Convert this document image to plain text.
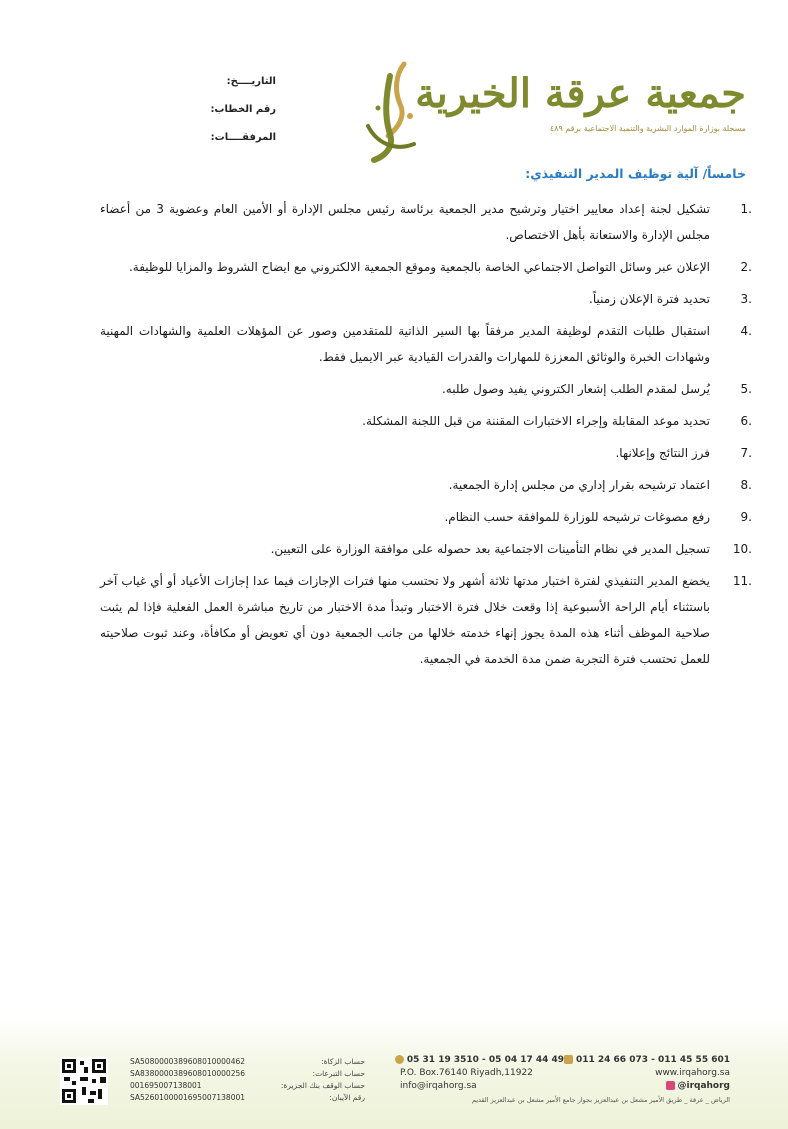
جمعية عرقة الخيرية
مسجلة بوزارة الموارد البشرية والتنمية الاجتماعية برقم ٤٨٩
التاريــــخ:
رقم الخطاب:
المرفقــــات:
خامساً/ آلية توظيف المدير التنفيذي:
1.
تشكيل لجنة إعداد معايير اختيار وترشيح مدير الجمعية برئاسة رئيس مجلس الإدارة أو الأمين العام وعضوية 3 من أعضاء مجلس الإدارة والاستعانة بأهل الاختصاص.
2.
الإعلان عبر وسائل التواصل الاجتماعي الخاصة بالجمعية وموقع الجمعية الالكتروني مع ايضاح الشروط والمزايا للوظيفة.
3.
تحديد فترة الإعلان زمنياً.
4.
استقبال طلبات التقدم لوظيفة المدير مرفقاً بها السير الذاتية للمتقدمين وصور عن المؤهلات العلمية والشهادات المهنية وشهادات الخبرة والوثائق المعززة للمهارات والقدرات القيادية عبر الايميل فقط.
5.
يُرسل لمقدم الطلب إشعار الكتروني يفيد وصول طلبه.
6.
تحديد موعد المقابلة وإجراء الاختبارات المقننة من قبل اللجنة المشكلة.
7.
فرز النتائج وإعلانها.
8.
اعتماد ترشيحه بقرار إداري من مجلس إدارة الجمعية.
9.
رفع مصوغات ترشيحه للوزارة للموافقة حسب النظام.
10.
تسجيل المدير في نظام التأمينات الاجتماعية بعد حصوله على موافقة الوزارة على التعيين.
11.
يخضع المدير التنفيذي لفترة اختبار مدتها ثلاثة أشهر ولا تحتسب منها فترات الإجازات فيما عدا إجازات الأعياد أو أي غياب آخر باستثناء أيام الراحة الأسبوعية إذا وقعت خلال فترة الاختبار وتبدأ مدة الاختبار من تاريخ مباشرة العمل الفعلية فإذا لم يثبت صلاحية الموظف أثناء هذه المدة يجوز إنهاء خدمته خلالها من جانب الجمعية دون أي تعويض أو مكافأة، وعند ثبوت صلاحيته للعمل تحتسب فترة التجربة ضمن مدة الخدمة في الجمعية.
011 24 66 073 - 011 45 55 601
05 31 19 3510 - 05 04 17 44 49
www.irqahorg.sa
P.O. Box.76140 Riyadh,11922
@irqahorg
info@irqahorg.sa
الرياض _ عرقة _ طريق الأمير مشعل بن عبدالعزيز بجوار جامع الأمير مشعل بن عبدالعزيز القديم
حساب الزكاة:
SA5080000389608010000462
حساب التبرعات:
SA8380000389608010000256
حساب الوقف بنك الجزيرة:
001695007138001
رقم الآيبان:
SA5260100001695007138001
